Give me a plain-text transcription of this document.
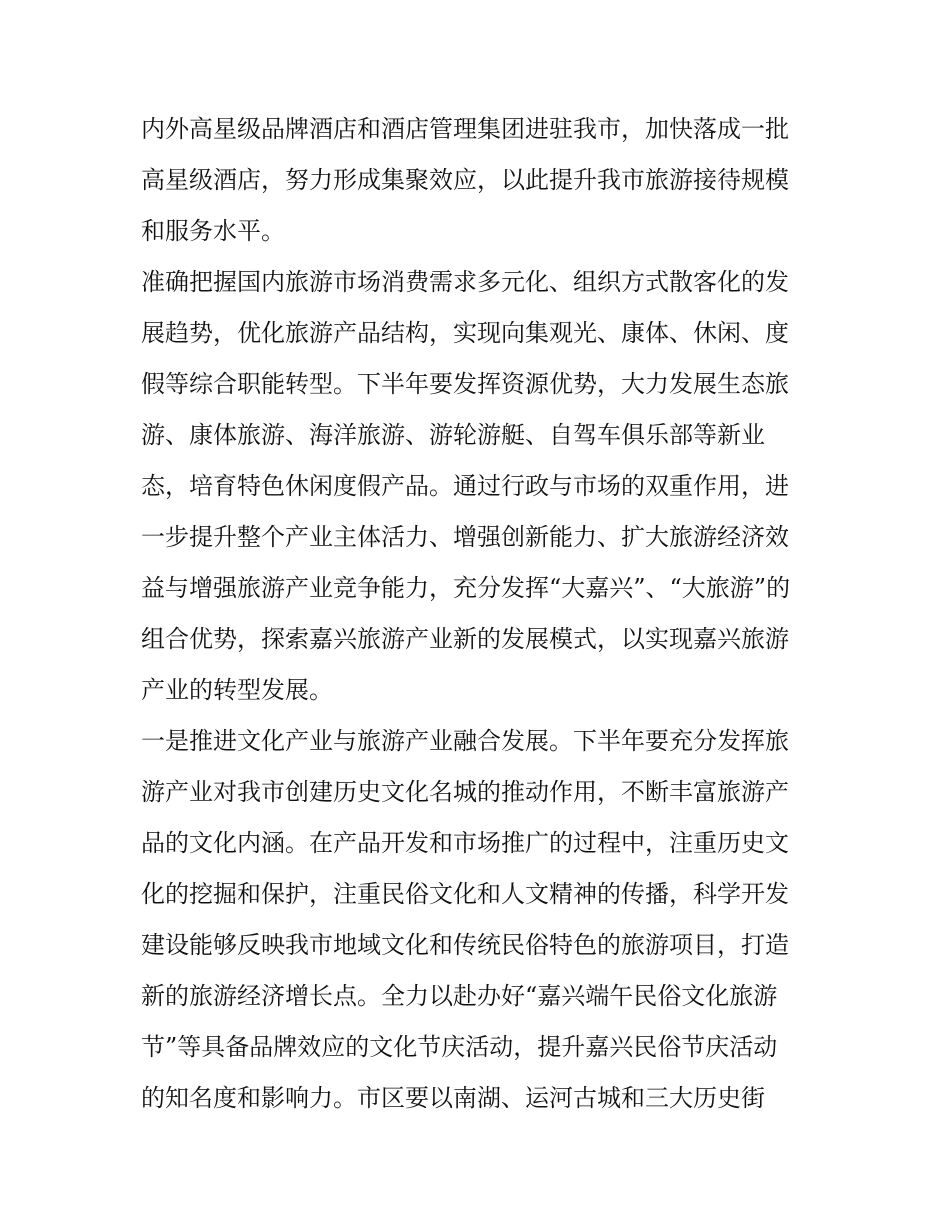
内外高星级品牌酒店和酒店管理集团进驻我市，加快落成一批
高星级酒店，努力形成集聚效应，以此提升我市旅游接待规模
和服务水平。
准确把握国内旅游市场消费需求多元化、组织方式散客化的发
展趋势，优化旅游产品结构，实现向集观光、康体、休闲、度
假等综合职能转型。下半年要发挥资源优势，大力发展生态旅
游、康体旅游、海洋旅游、游轮游艇、自驾车俱乐部等新业
态，培育特色休闲度假产品。通过行政与市场的双重作用，进
一步提升整个产业主体活力、增强创新能力、扩大旅游经济效
益与增强旅游产业竞争能力，充分发挥“大嘉兴”、“大旅游”的
组合优势，探索嘉兴旅游产业新的发展模式，以实现嘉兴旅游
产业的转型发展。
一是推进文化产业与旅游产业融合发展。下半年要充分发挥旅
游产业对我市创建历史文化名城的推动作用，不断丰富旅游产
品的文化内涵。在产品开发和市场推广的过程中，注重历史文
化的挖掘和保护，注重民俗文化和人文精神的传播，科学开发
建设能够反映我市地域文化和传统民俗特色的旅游项目，打造
新的旅游经济增长点。全力以赴办好“嘉兴端午民俗文化旅游
节”等具备品牌效应的文化节庆活动，提升嘉兴民俗节庆活动
的知名度和影响力。市区要以南湖、运河古城和三大历史街
